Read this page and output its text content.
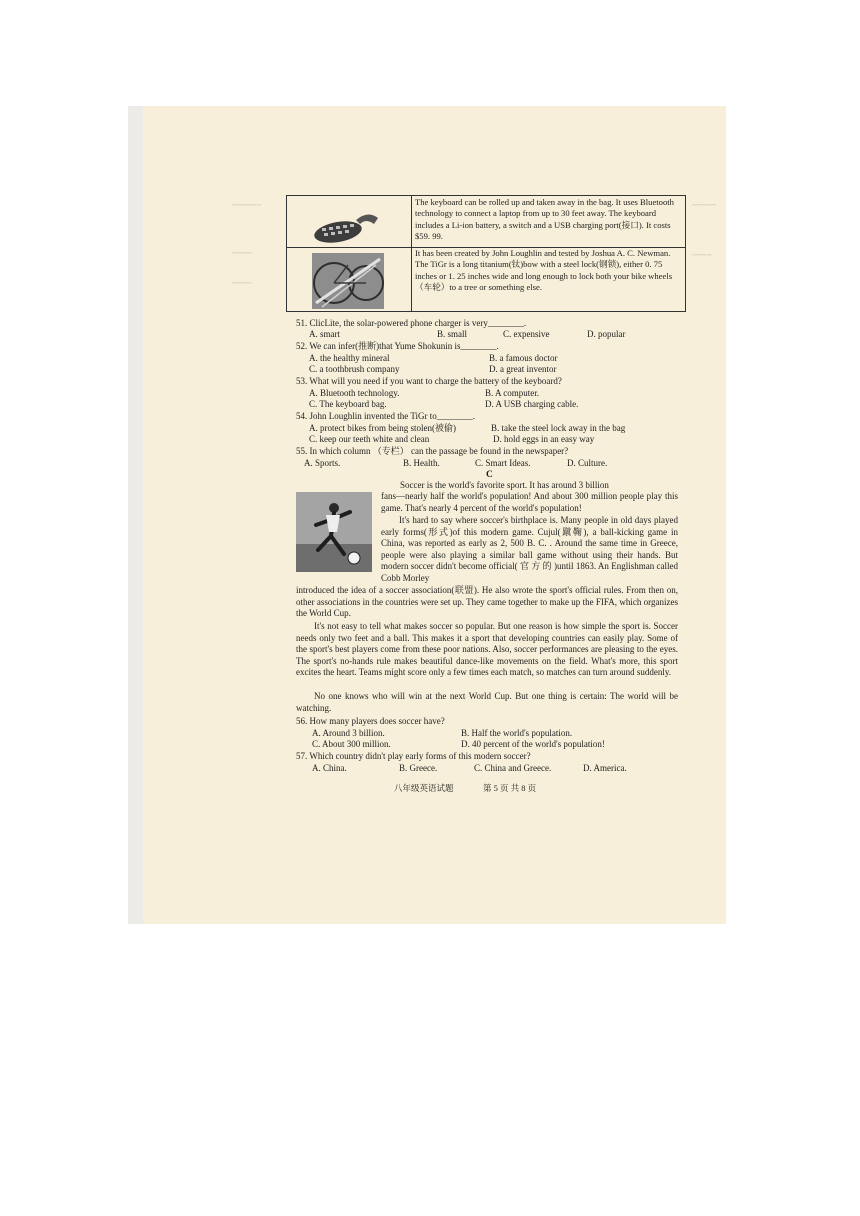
~~~~~~
~~~~
~~~~
~~~~~
~~~~
The keyboard can be rolled up and taken away in the bag. It uses Bluetooth technology to connect a laptop from up to 30 feet away. The keyboard includes a Li-ion battery, a switch and a USB charging port(接口). It costs $59. 99.
It has been created by John Loughlin and tested by Joshua A. C. Newman. The TiGr is a long titanium(钛)bow with a steel lock(钢锁), either 0. 75 inches or 1. 25 inches wide and long enough to lock both your bike wheels（车轮）to a tree or something else.
51. ClicLite, the solar-powered phone charger is very________.
A. smart	B. small	C. expensive	D. popular
52. We can infer(推断)that Yume Shokunin is________.
A. the healthy mineral	B. a famous doctor
C. a toothbrush company	D. a great inventor
53. What will you need if you want to charge the battery of the keyboard?
A. Bluetooth technology.	B. A computer.
C. The keyboard bag.	D. A USB charging cable.
54. John Loughlin invented the TiGr to________.
A. protect bikes from being stolen(被偷)	B. take the steel lock away in the bag
C. keep our teeth white and clean	D. hold eggs in an easy way
55. In which column （专栏） can the passage be found in the newspaper?
A. Sports.	B. Health.	C. Smart Ideas.	D. Culture.
C
Soccer is the world's favorite sport. It has around 3 billion
fans—nearly half the world's population! And about 300 million people play this game. That's nearly 4 percent of the world's population!
It's hard to say where soccer's birthplace is. Many people in old days played early forms(形式)of this modern game. Cujul(蹴鞠), a ball-kicking game in China, was reported as early as 2, 500 B. C. . Around the same time in Greece, people were also playing a similar ball game without using their hands. But modern soccer didn't become official( 官 方 的 )until 1863. An Englishman called Cobb Morley
introduced the idea of a soccer association(联盟). He also wrote the sport's official rules. From then on, other associations in the countries were set up. They came together to make up the FIFA, which organizes the World Cup.
It's not easy to tell what makes soccer so popular. But one reason is how simple the sport is. Soccer needs only two feet and a ball. This makes it a sport that developing countries can easily play. Some of the sport's best players come from these poor nations. Also, soccer performances are pleasing to the eyes. The sport's no-hands rule makes beautiful dance-like movements on the field. What's more, this sport excites the heart. Teams might score only a few times each match, so matches can turn around suddenly.
No one knows who will win at the next World Cup. But one thing is certain: The world will be watching.
56. How many players does soccer have?
A. Around 3 billion.	B. Half the world's population.
C. About 300 million.	D. 40 percent of the world's population!
57. Which country didn't play early forms of this modern soccer?
A. China.	B. Greece.	C. China and Greece.	D. America.
八年级英语试题	第 5 页 共 8 页
